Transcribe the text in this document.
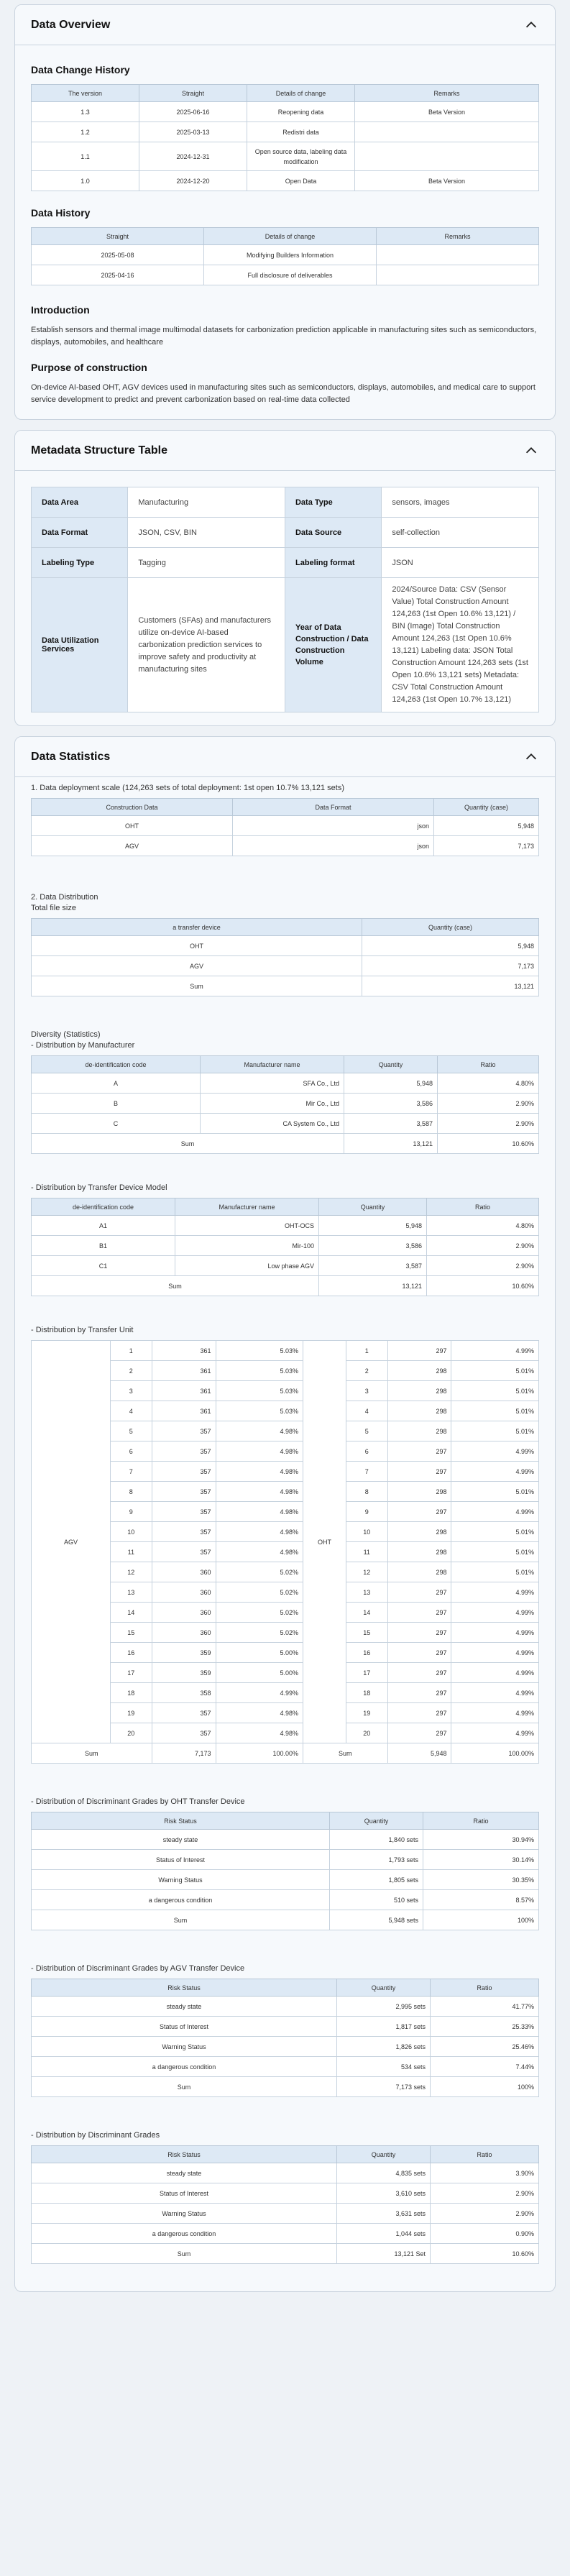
Data Overview
Data Change History
The version	Straight	Details of change	Remarks
1.3	2025-06-16	Reopening data	Beta Version
1.2	2025-03-13	Redistri data	
1.1	2024-12-31	Open source data, labeling data modification	
1.0	2024-12-20	Open Data	Beta Version
Data History
Straight	Details of change	Remarks
2025-05-08	Modifying Builders Information	
2025-04-16	Full disclosure of deliverables	
Introduction

Establish sensors and thermal image multimodal datasets for carbonization prediction applicable in manufacturing sites such as semiconductors, displays, automobiles, and healthcare

Purpose of construction

On-device AI-based OHT, AGV devices used in manufacturing sites such as semiconductors, displays, automobiles, and medical care to support service development to predict and prevent carbonization based on real-time data collected

Metadata Structure Table
Data Area	Manufacturing	Data Type	sensors, images
Data Format	JSON, CSV, BIN	Data Source	self-collection
Labeling Type	Tagging	Labeling format	JSON
Data Utilization Services	Customers (SFAs) and manufacturers utilize on-device AI-based carbonization prediction services to improve safety and productivity at manufacturing sites	Year of Data Construction / Data Construction Volume	2024/Source Data: CSV (Sensor Value) Total Construction Amount 124,263 (1st Open 10.6% 13,121) / BIN (Image) Total Construction Amount 124,263 (1st Open 10.6% 13,121) Labeling data: JSON Total Construction Amount 124,263 sets (1st Open 10.6% 13,121 sets) Metadata: CSV Total Construction Amount 124,263 (1st Open 10.7% 13,121)
Data Statistics
1. Data deployment scale (124,263 sets of total deployment: 1st open 10.7% 13,121 sets)
Construction Data	Data Format	Quantity (case)
OHT	json	5,948
AGV	json	7,173
2. Data Distribution
Total file size
a transfer device	Quantity (case)
OHT	5,948
AGV	7,173
Sum	13,121
Diversity (Statistics)
- Distribution by Manufacturer
de-identification code	Manufacturer name	Quantity	Ratio
A	SFA Co., Ltd	5,948	4.80%
B	Mir Co., Ltd	3,586	2.90%
C	CA System Co., Ltd	3,587	2.90%
Sum		13,121	10.60%
- Distribution by Transfer Device Model
de-identification code	Manufacturer name	Quantity	Ratio
A1	OHT-OCS	5,948	4.80%
B1	Mir-100	3,586	2.90%
C1	Low phase AGV	3,587	2.90%
Sum		13,121	10.60%
- Distribution by Transfer Unit
AGV	1	361	5.03%	OHT	1	297	4.99%
	2	361	5.03%		2	298	5.01%
	3	361	5.03%		3	298	5.01%
	4	361	5.03%		4	298	5.01%
	5	357	4.98%		5	298	5.01%
	6	357	4.98%		6	297	4.99%
	7	357	4.98%		7	297	4.99%
	8	357	4.98%		8	298	5.01%
	9	357	4.98%		9	297	4.99%
	10	357	4.98%		10	298	5.01%
	11	357	4.98%		11	298	5.01%
	12	360	5.02%		12	298	5.01%
	13	360	5.02%		13	297	4.99%
	14	360	5.02%		14	297	4.99%
	15	360	5.02%		15	297	4.99%
	16	359	5.00%		16	297	4.99%
	17	359	5.00%		17	297	4.99%
	18	358	4.99%		18	297	4.99%
	19	357	4.98%		19	297	4.99%
	20	357	4.98%		20	297	4.99%
Sum		7,173	100.00%	Sum		5,948	100.00%
- Distribution of Discriminant Grades by OHT Transfer Device
Risk Status	Quantity	Ratio
steady state	1,840 sets	30.94%
Status of Interest	1,793 sets	30.14%
Warning Status	1,805 sets	30.35%
a dangerous condition	510 sets	8.57%
Sum	5,948 sets	100%
- Distribution of Discriminant Grades by AGV Transfer Device
Risk Status	Quantity	Ratio
steady state	2,995 sets	41.77%
Status of Interest	1,817 sets	25.33%
Warning Status	1,826 sets	25.46%
a dangerous condition	534 sets	7.44%
Sum	7,173 sets	100%
- Distribution by Discriminant Grades
Risk Status	Quantity	Ratio
steady state	4,835 sets	3.90%
Status of Interest	3,610 sets	2.90%
Warning Status	3,631 sets	2.90%
a dangerous condition	1,044 sets	0.90%
Sum	13,121 Set	10.60%
